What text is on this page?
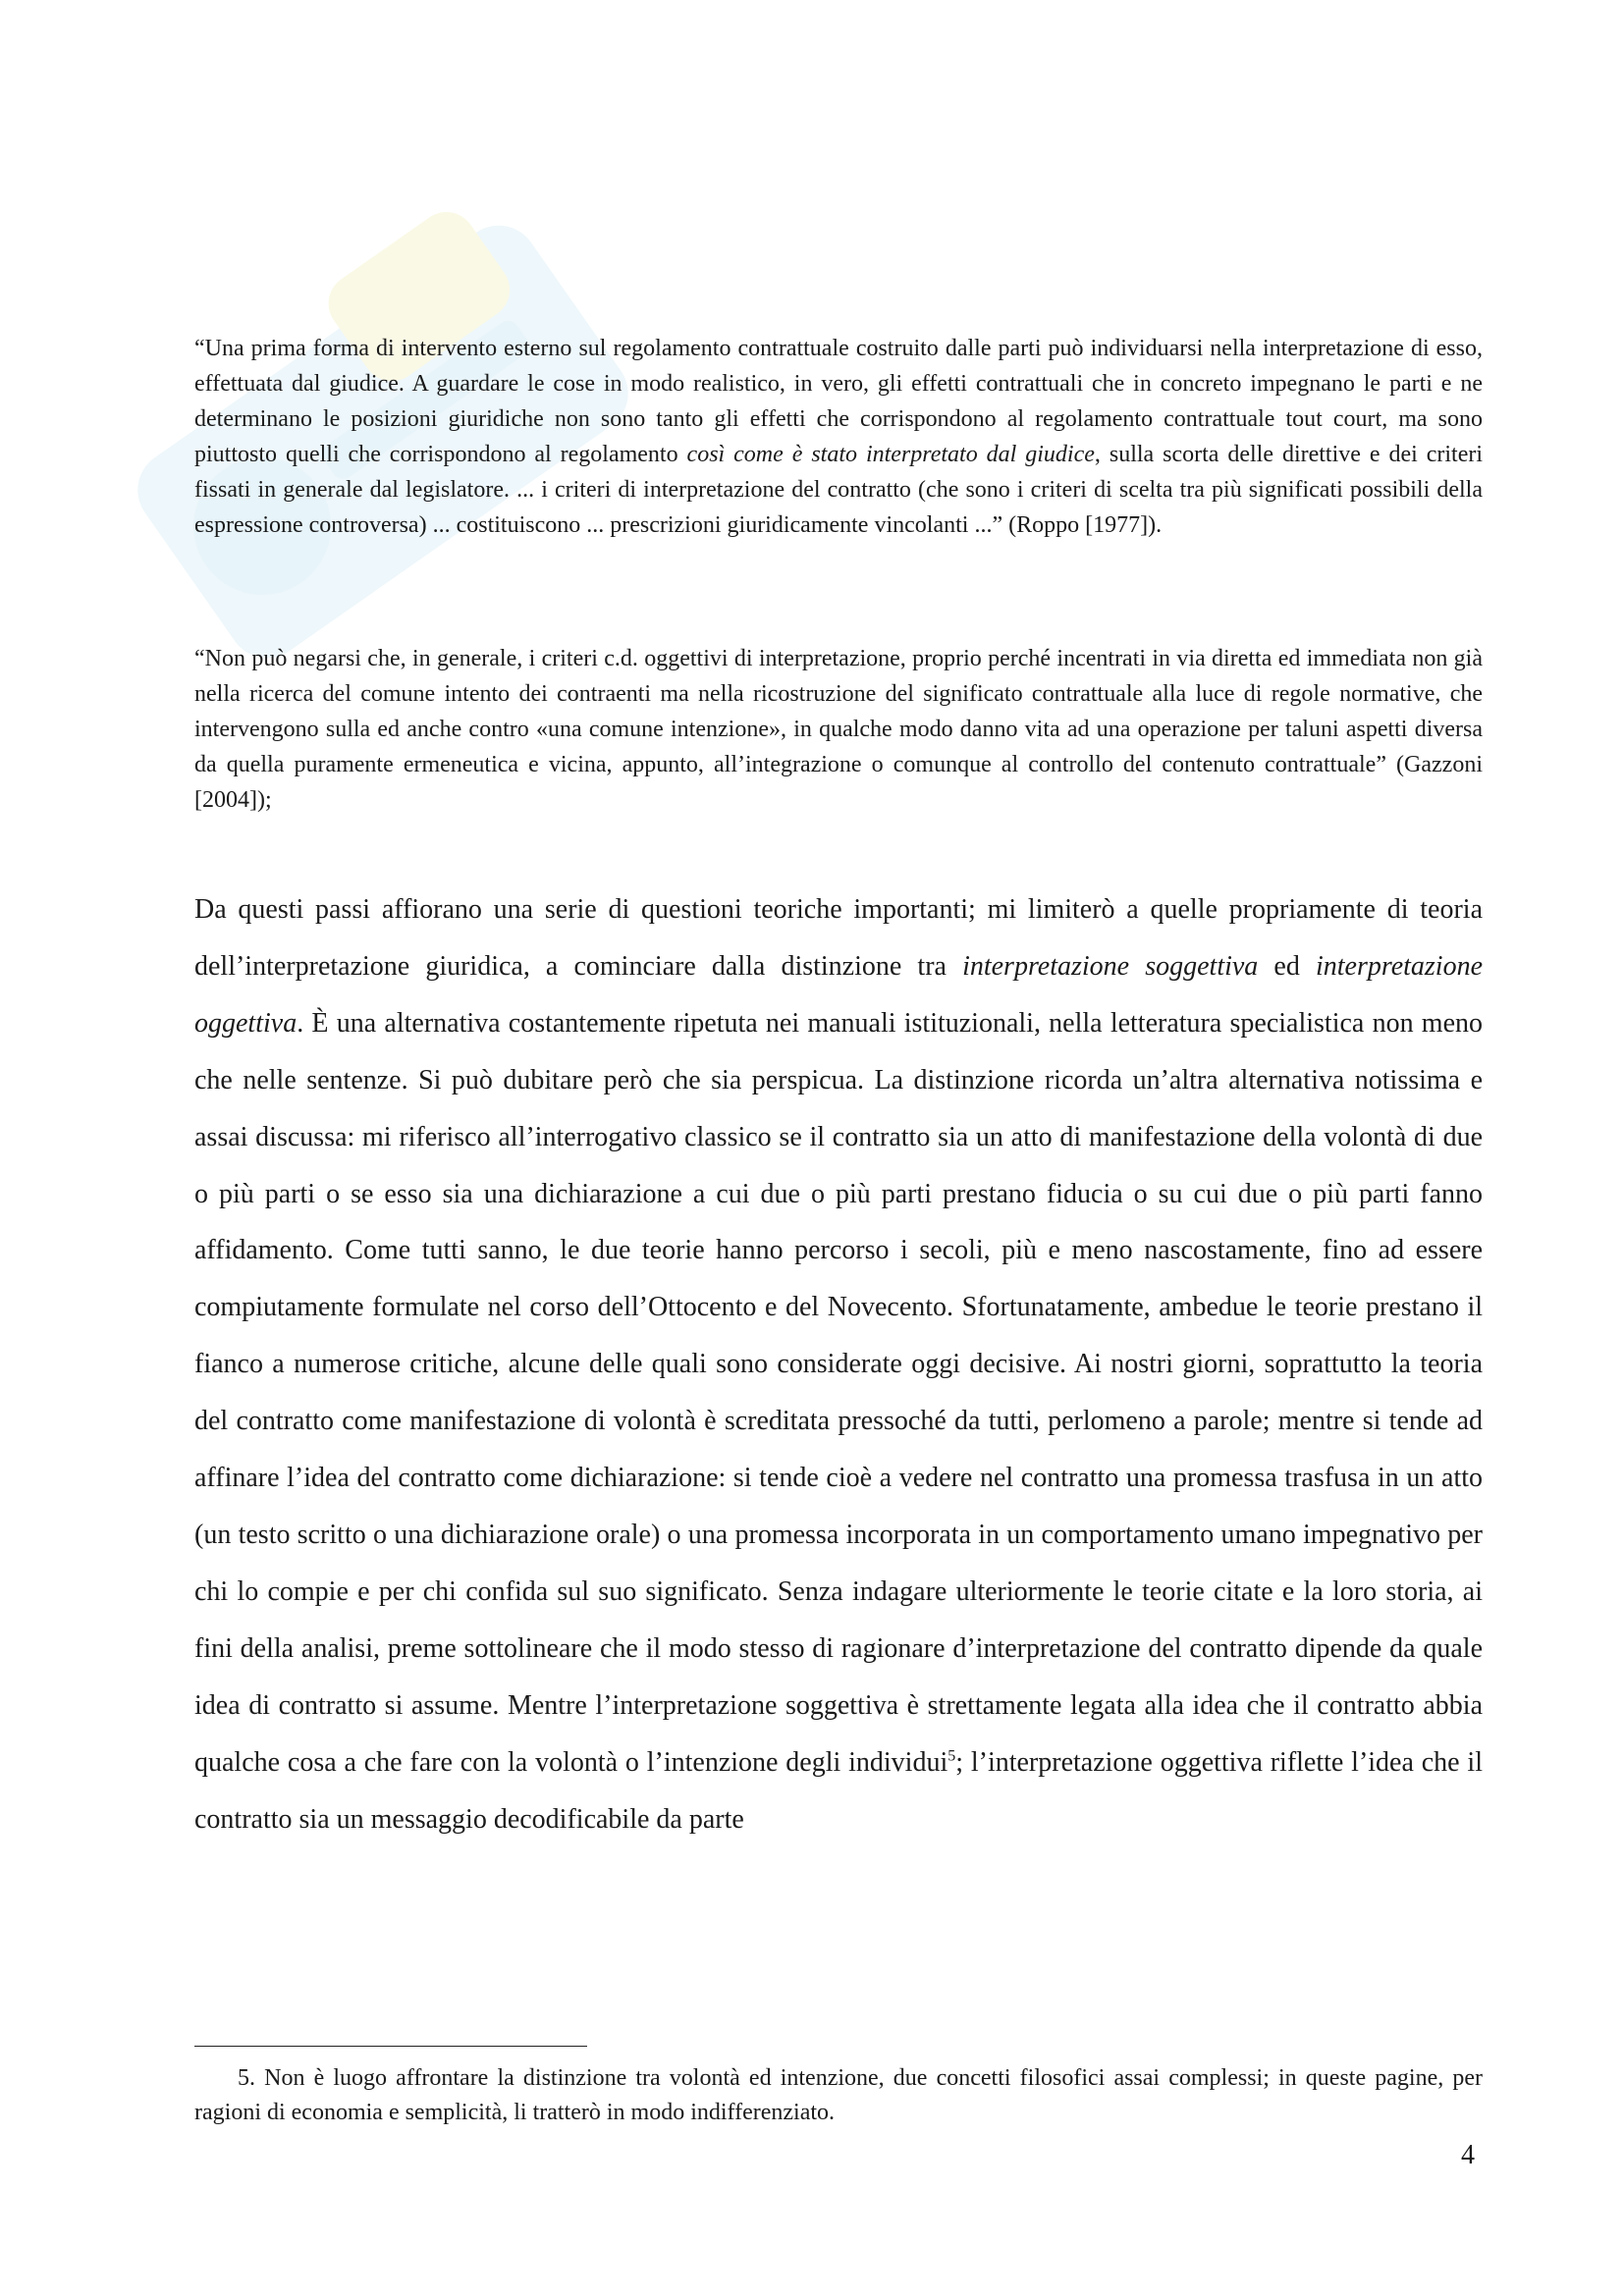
“Una prima forma di intervento esterno sul regolamento contrattuale costruito dalle parti può individuarsi nella interpretazione di esso, effettuata dal giudice. A guardare le cose in modo realistico, in vero, gli effetti contrattuali che in concreto impegnano le parti e ne determinano le posizioni giuridiche non sono tanto gli effetti che corrispondono al regolamento contrattuale tout court, ma sono piuttosto quelli che corrispondono al regolamento così come è stato interpretato dal giudice, sulla scorta delle direttive e dei criteri fissati in generale dal legislatore. ... i criteri di interpretazione del contratto (che sono i criteri di scelta tra più significati possibili della espressione controversa) ... costituiscono ... prescrizioni giuridicamente vincolanti ...” (Roppo [1977]).

“Non può negarsi che, in generale, i criteri c.d. oggettivi di interpretazione, proprio perché incentrati in via diretta ed immediata non già nella ricerca del comune intento dei contraenti ma nella ricostruzione del significato contrattuale alla luce di regole normative, che intervengono sulla ed anche contro «una comune intenzione», in qualche modo danno vita ad una operazione per taluni aspetti diversa da quella puramente ermeneutica e vicina, appunto, all’integrazione o comunque al controllo del contenuto contrattuale” (Gazzoni [2004]);

Da questi passi affiorano una serie di questioni teoriche importanti; mi limiterò a quelle propriamente di teoria dell’interpretazione giuridica, a cominciare dalla distinzione tra interpretazione soggettiva ed interpretazione oggettiva. È una alternativa costantemente ripetuta nei manuali istituzionali, nella letteratura specialistica non meno che nelle sentenze. Si può dubitare però che sia perspicua. La distinzione ricorda un’altra alternativa notissima e assai discussa: mi riferisco all’interrogativo classico se il contratto sia un atto di manifestazione della volontà di due o più parti o se esso sia una dichiarazione a cui due o più parti prestano fiducia o su cui due o più parti fanno affidamento. Come tutti sanno, le due teorie hanno percorso i secoli, più e meno nascostamente, fino ad essere compiutamente formulate nel corso dell’Ottocento e del Novecento. Sfortunatamente, ambedue le teorie prestano il fianco a numerose critiche, alcune delle quali sono considerate oggi decisive. Ai nostri giorni, soprattutto la teoria del contratto come manifestazione di volontà è screditata pressoché da tutti, perlomeno a parole; mentre si tende ad affinare l’idea del contratto come dichiarazione: si tende cioè a vedere nel contratto una promessa trasfusa in un atto (un testo scritto o una dichiarazione orale) o una promessa incorporata in un comportamento umano impegnativo per chi lo compie e per chi confida sul suo significato. Senza indagare ulteriormente le teorie citate e la loro storia, ai fini della analisi, preme sottolineare che il modo stesso di ragionare d’interpretazione del contratto dipende da quale idea di contratto si assume. Mentre l’interpretazione soggettiva è strettamente legata alla idea che il contratto abbia qualche cosa a che fare con la volontà o l’intenzione degli individui$^5$; l’interpretazione oggettiva riflette l’idea che il contratto sia un messaggio decodificabile da parte

5. Non è luogo affrontare la distinzione tra volontà ed intenzione, due concetti filosofici assai complessi; in queste pagine, per ragioni di economia e semplicità, li tratterò in modo indifferenziato.

4
